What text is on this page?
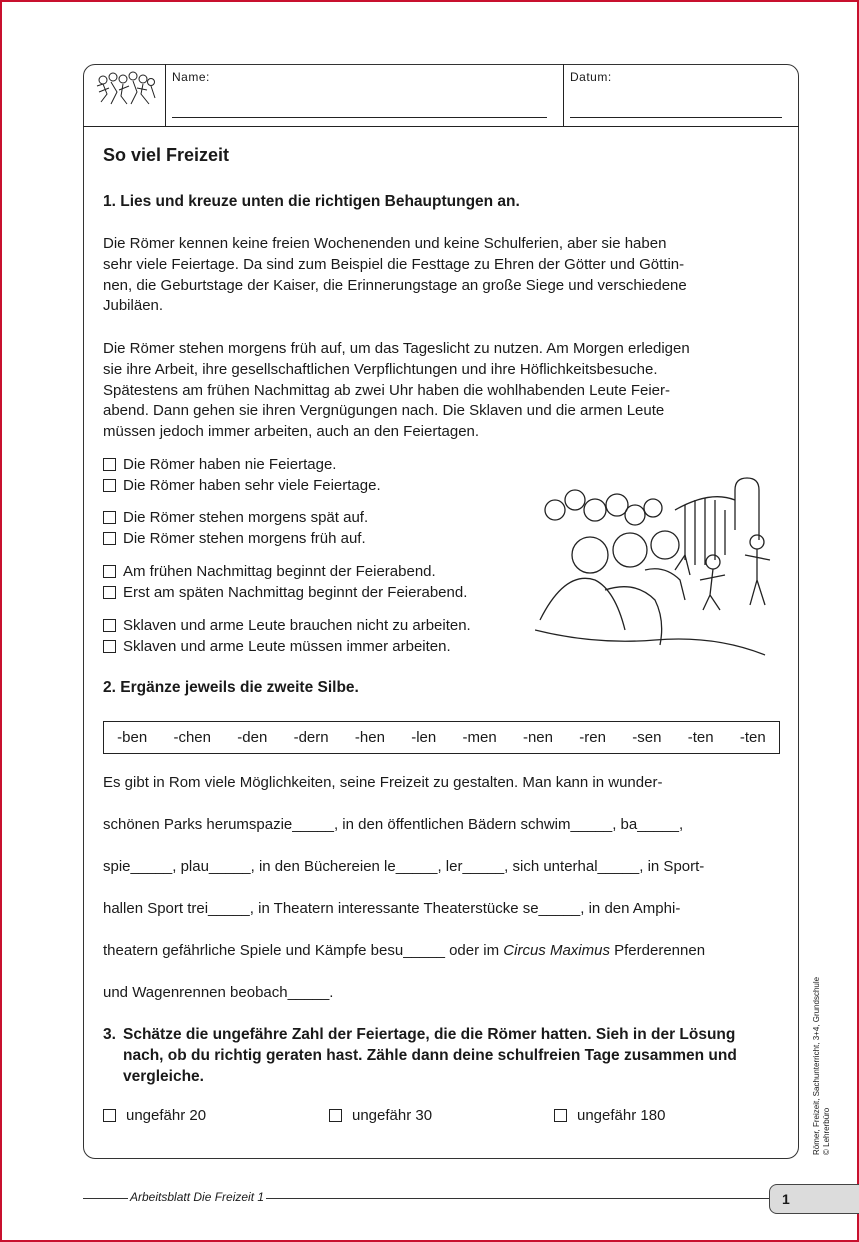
Name:	Datum:
So viel Freizeit
1. Lies und kreuze unten die richtigen Behauptungen an.

Die Römer kennen keine freien Wochenenden und keine Schulferien, aber sie haben

sehr viele Feiertage. Da sind zum Beispiel die Festtage zu Ehren der Götter und Göttin-

nen, die Geburtstage der Kaiser, die Erinnerungstage an große Siege und verschiedene

Jubiläen.

Die Römer stehen morgens früh auf, um das Tageslicht zu nutzen. Am Morgen erledigen

sie ihre Arbeit, ihre gesellschaftlichen Verpflichtungen und ihre Höflichkeitsbesuche.

Spätestens am frühen Nachmittag ab zwei Uhr haben die wohlhabenden Leute Feier-

abend. Dann gehen sie ihren Vergnügungen nach. Die Sklaven und die armen Leute

müssen jedoch immer arbeiten, auch an den Feiertagen.

Die Römer haben nie Feiertage.
Die Römer haben sehr viele Feiertage.
Die Römer stehen morgens spät auf.
Die Römer stehen morgens früh auf.
Am frühen Nachmittag beginnt der Feierabend.
Erst am späten Nachmittag beginnt der Feierabend.
Sklaven und arme Leute brauchen nicht zu arbeiten.
Sklaven und arme Leute müssen immer arbeiten.
2. Ergänze jeweils die zweite Silbe.
-ben -chen -den -dern -hen -len -men -nen -ren -sen -ten -ten
Es gibt in Rom viele Möglichkeiten, seine Freizeit zu gestalten. Man kann in wunder-
schönen Parks herumspazie_____, in den öffentlichen Bädern schwim_____, ba_____,
spie_____, plau_____, in den Büchereien le_____, ler_____, sich unterhal_____, in Sport-
hallen Sport trei_____, in Theatern interessante Theaterstücke se_____, in den Amphi-
theatern gefährliche Spiele und Kämpfe besu_____ oder im Circus Maximus Pferderennen
und Wagenrennen beobach_____.
3. Schätze die ungefähre Zahl der Feiertage, die die Römer hatten. Sieh in der Lösung nach, ob du richtig geraten hast. Zähle dann deine schulfreien Tage zusammen und vergleiche.
ungefähr 20	ungefähr 30	ungefähr 180	Römer, Freizeit, Sachunterricht, 3+4, Grundschule © Lehrerbüro
Arbeitsblatt Die Freizeit 1	1
